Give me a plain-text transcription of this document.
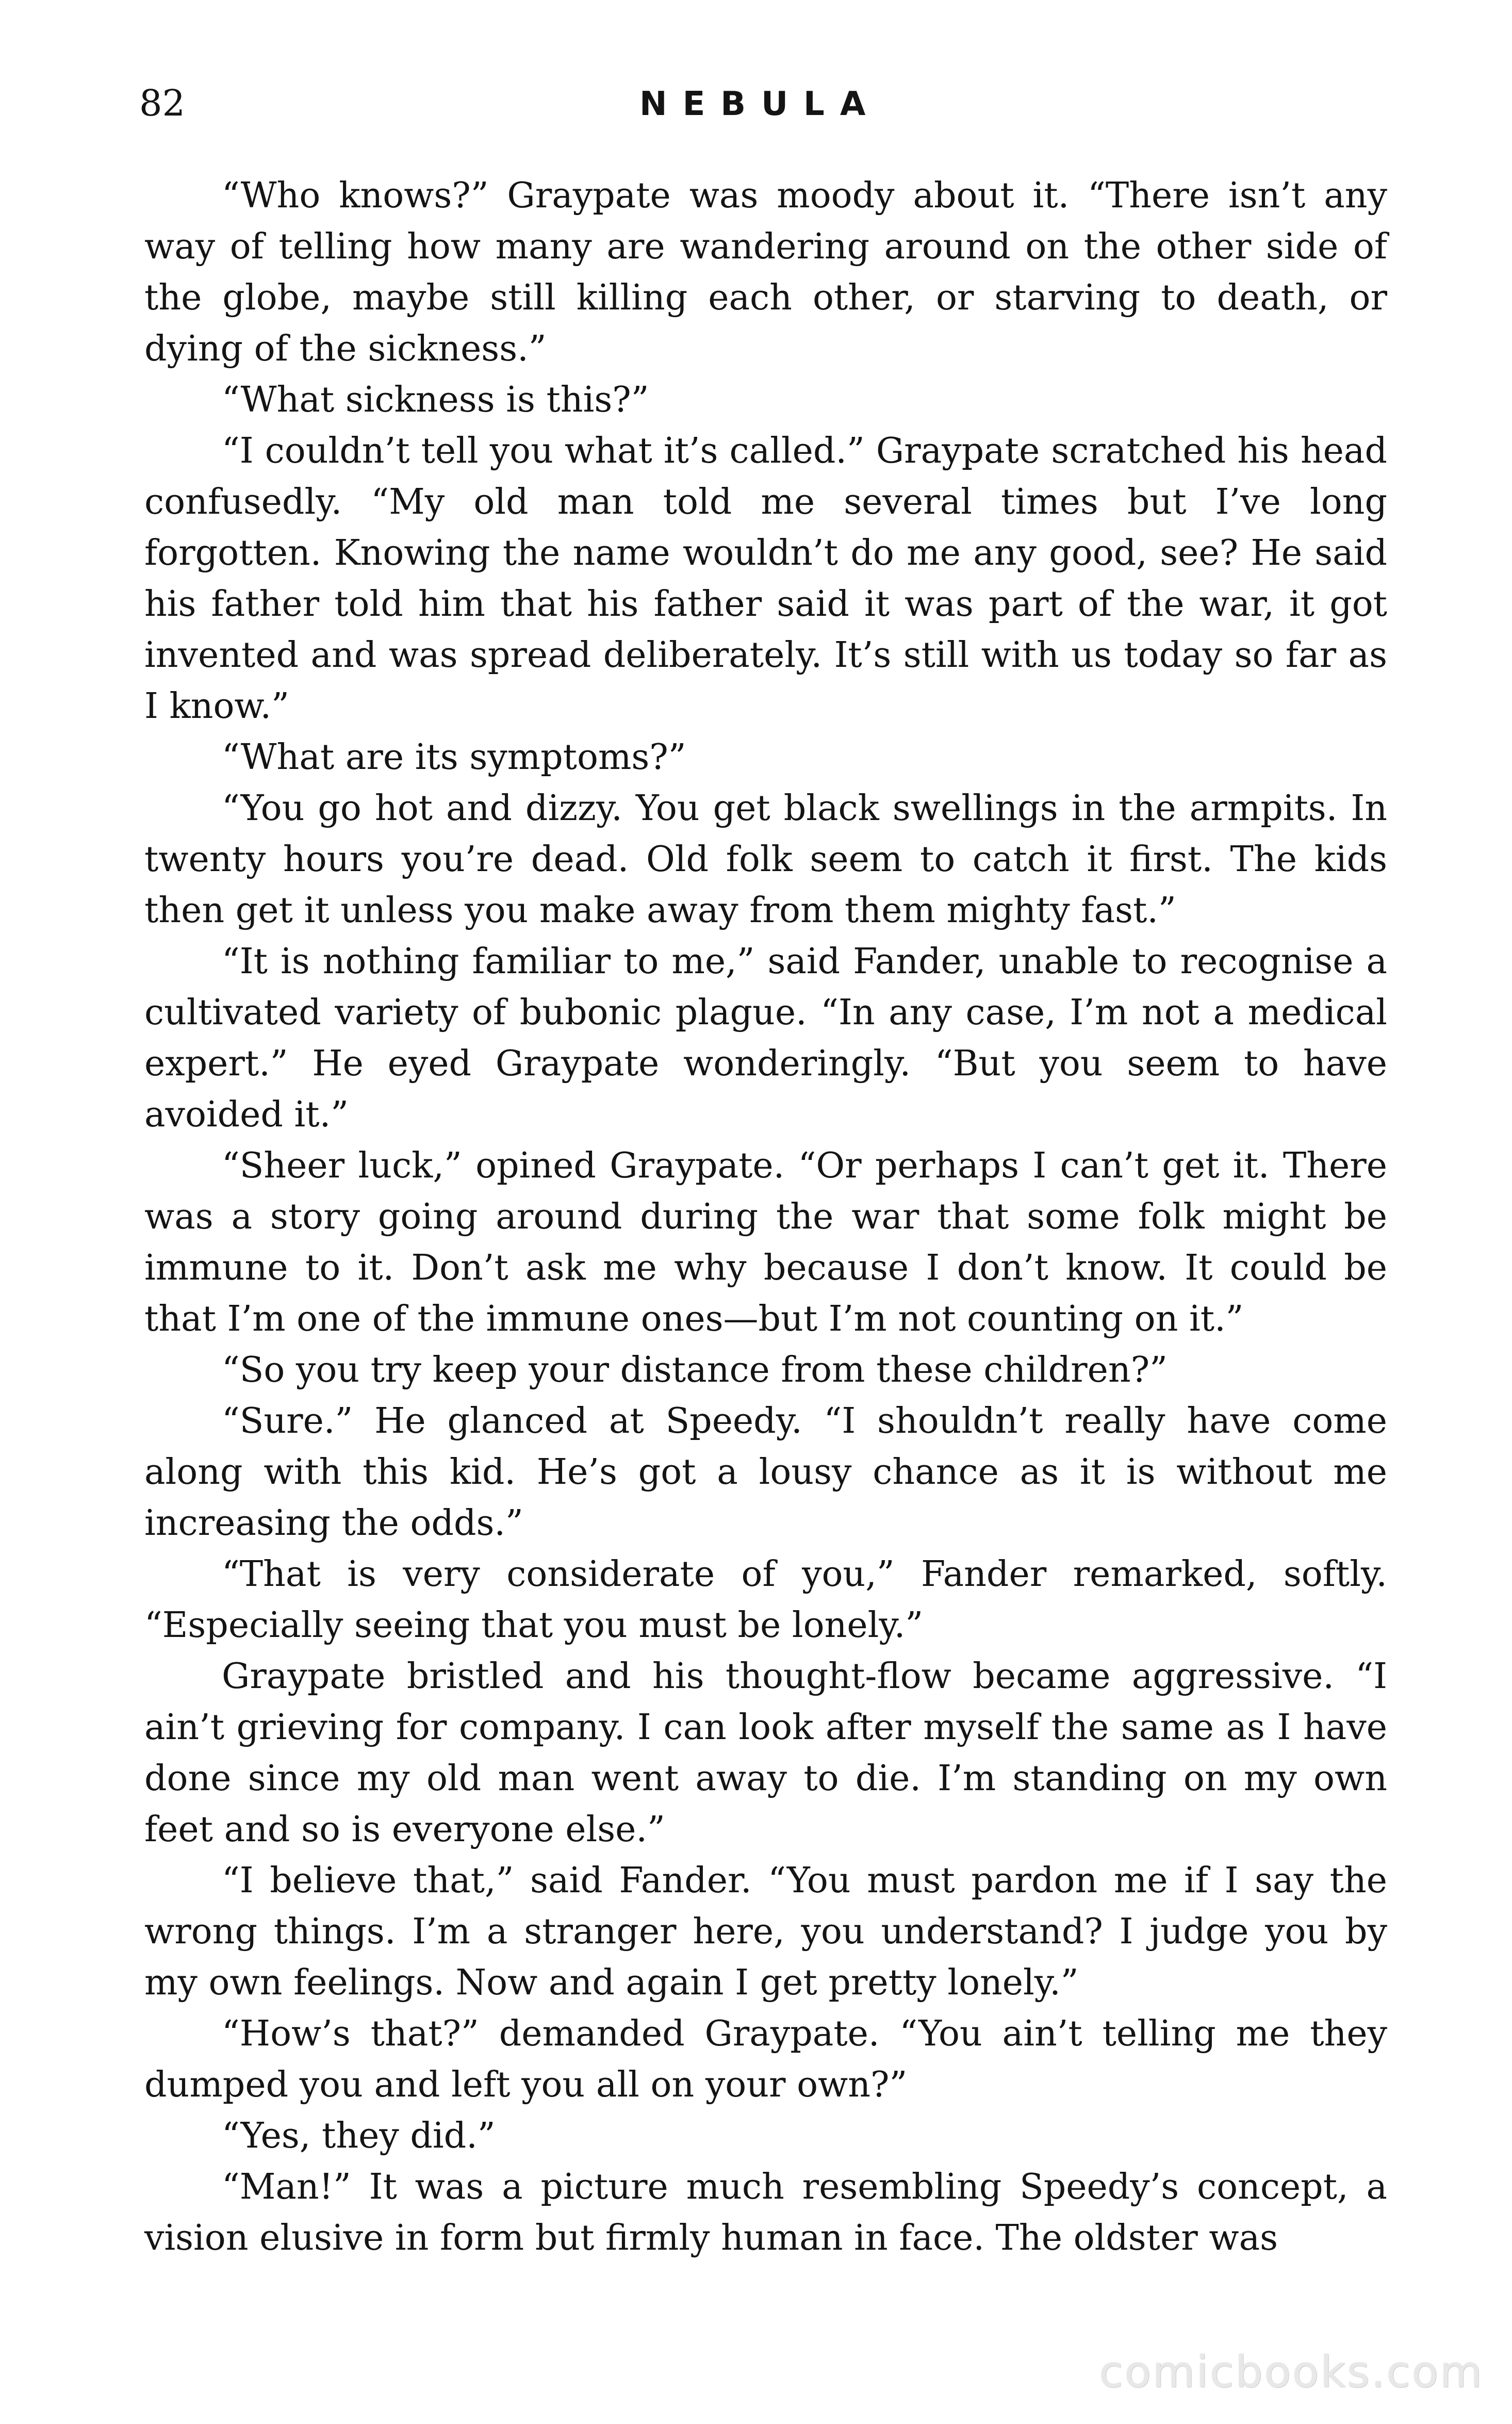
82	NEBULA

“Who knows?” Graypate was moody about it. “There isn’t any way of telling how many are wandering around on the other side of the globe, maybe still killing each other, or starving to death, or dying of the sickness.”

“What sickness is this?”

“I couldn’t tell you what it’s called.” Graypate scratched his head confusedly. “My old man told me several times but I’ve long forgotten. Knowing the name wouldn’t do me any good, see? He said his father told him that his father said it was part of the war, it got invented and was spread deliberately. It’s still with us today so far as I know.”

“What are its symptoms?”

“You go hot and dizzy. You get black swellings in the armpits. In twenty hours you’re dead. Old folk seem to catch it first. The kids then get it unless you make away from them mighty fast.”

“It is nothing familiar to me,” said Fander, unable to recognise a cultivated variety of bubonic plague. “In any case, I’m not a medical expert.” He eyed Graypate wonderingly. “But you seem to have avoided it.”

“Sheer luck,” opined Graypate. “Or perhaps I can’t get it. There was a story going around during the war that some folk might be immune to it. Don’t ask me why because I don’t know. It could be that I’m one of the immune ones—but I’m not counting on it.”

“So you try keep your distance from these children?”

“Sure.” He glanced at Speedy. “I shouldn’t really have come along with this kid. He’s got a lousy chance as it is without me increasing the odds.”

“That is very considerate of you,” Fander remarked, softly. “Especially seeing that you must be lonely.”

Graypate bristled and his thought-flow became aggressive. “I ain’t grieving for company. I can look after myself the same as I have done since my old man went away to die. I’m standing on my own feet and so is everyone else.”

“I believe that,” said Fander. “You must pardon me if I say the wrong things. I’m a stranger here, you understand? I judge you by my own feelings. Now and again I get pretty lonely.”

“How’s that?” demanded Graypate. “You ain’t telling me they dumped you and left you all on your own?”

“Yes, they did.”

“Man!” It was a picture much resembling Speedy’s concept, a vision elusive in form but firmly human in face. The oldster was

comicbooks.com
